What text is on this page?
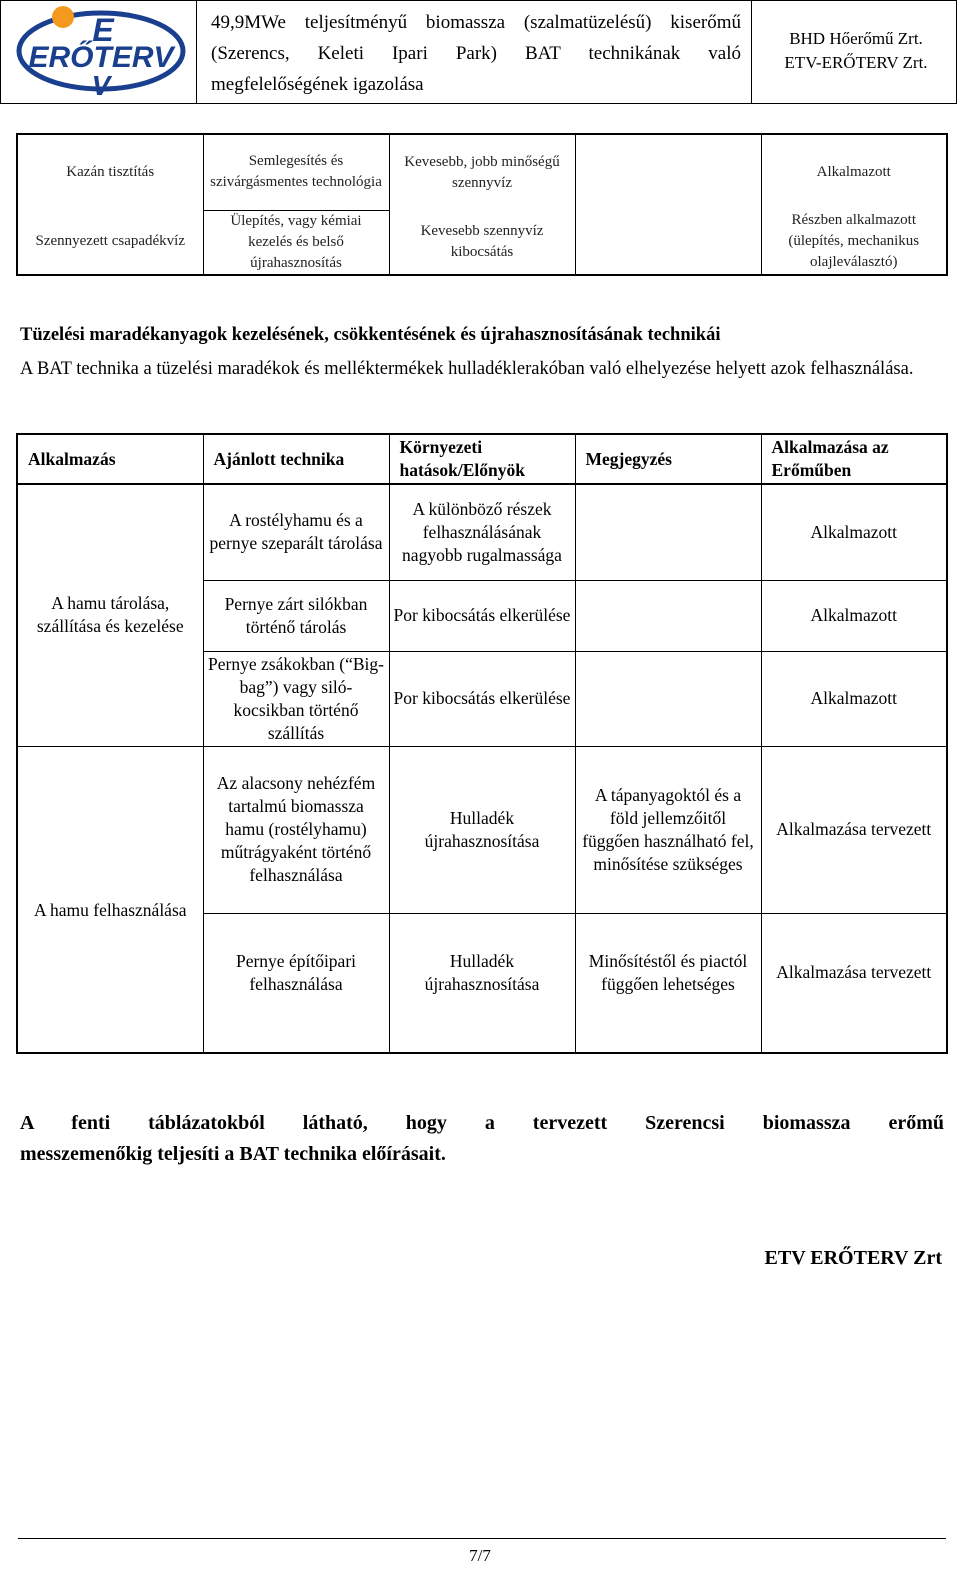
E
ERŐTERV
V
49,9MWe teljesítményű biomassza (szalmatüzelésű) kiserőmű (Szerencs, Keleti Ipari Park) BAT technikának való megfelelőségének igazolása
BHD Hőerőmű Zrt.
ETV-ERŐTERV Zrt.
Kazán tisztítás	Semlegesítés és szivárgásmentes technológia	Kevesebb, jobb minőségű szennyvíz		Alkalmazott
Szennyezett csapadékvíz	Ülepítés, vagy kémiai kezelés és belső újrahasznosítás	Kevesebb szennyvíz kibocsátás		Részben alkalmazott (ülepítés, mechanikus olajleválasztó)
Tüzelési maradékanyagok kezelésének, csökkentésének és újrahasznosításának technikái
A BAT technika a tüzelési maradékok és melléktermékek hulladéklerakóban való elhelyezése helyett azok felhasználása.
Alkalmazás	Ajánlott technika	Környezeti hatások/Előnyök	Megjegyzés	Alkalmazása az Erőműben
A hamu tárolása, szállítása és kezelése	A rostélyhamu és a pernye szeparált tárolása	A különböző részek felhasználásának nagyobb rugalmassága		Alkalmazott
	Pernye zárt silókban történő tárolás	Por kibocsátás elkerülése		Alkalmazott
	Pernye zsákokban (“Big-bag”) vagy siló-kocsikban történő szállítás	Por kibocsátás elkerülése		Alkalmazott
A hamu felhasználása	Az alacsony nehézfém tartalmú biomassza hamu (rostélyhamu) műtrágyaként történő felhasználása	Hulladék újrahasznosítása	A tápanyagoktól és a föld jellemzőitől függően használható fel, minősítése szükséges	Alkalmazása tervezett
	Pernye építőipari felhasználása	Hulladék újrahasznosítása	Minősítéstől és piactól függően lehetséges	Alkalmazása tervezett
A fenti táblázatokból látható, hogy a tervezett Szerencsi biomassza erőmű
messzemenőkig teljesíti a BAT technika előírásait.
ETV ERŐTERV Zrt
7/7
